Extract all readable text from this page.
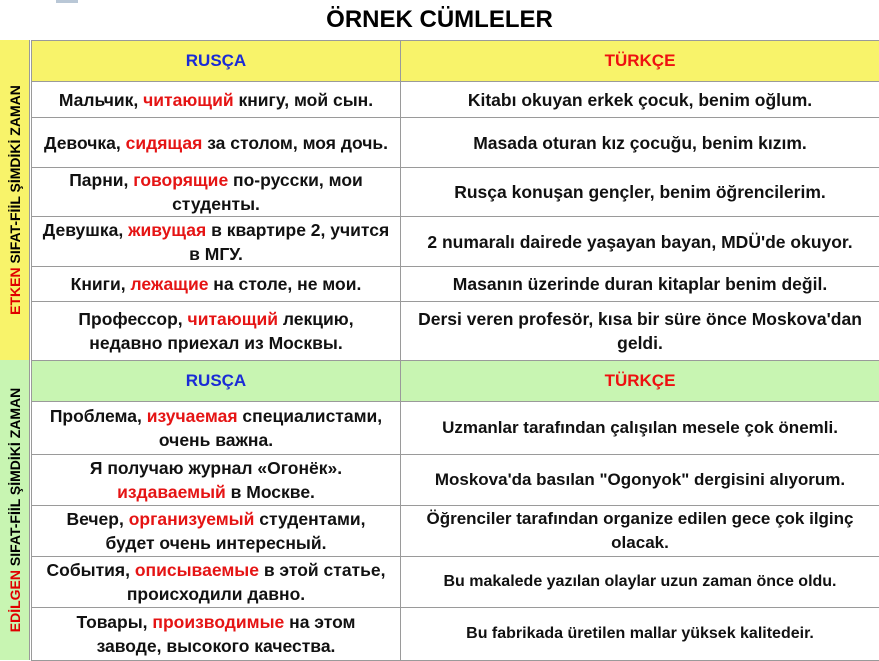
ÖRNEK CÜMLELER
ETKEN SIFAT-FİİL ŞİMDİKİ ZAMAN
RUSÇA	TÜRKÇE
Мальчик, читающий книгу, мой сын.	Kitabı okuyan erkek çocuk, benim oğlum.
Девочка, сидящая за столом, моя дочь.	Masada oturan kız çocuğu, benim kızım.
Парни, говорящие по-русски, мои студенты.	Rusça konuşan gençler, benim öğrencilerim.
Девушка, живущая в квартире 2, учится в МГУ.	2 numaralı dairede yaşayan bayan, MDÜ'de okuyor.
Книги, лежащие на столе, не мои.	Masanın üzerinde duran kitaplar benim değil.
Профессор, читающий лекцию, недавно приехал из Москвы.	Dersi veren profesör, kısa bir süre önce Moskova'dan geldi.
EDİLGEN SIFAT-FİİL ŞİMDİKİ ZAMAN
RUSÇA	TÜRKÇE
Проблема, изучаемая специалистами, очень важна.	Uzmanlar tarafından çalışılan mesele çok önemli.
Я получаю журнал «Огонёк». издаваемый в Москве.	Moskova'da basılan "Ogonyok" dergisini alıyorum.
Вечер, организуемый студентами, будет очень интересный.	Öğrenciler tarafından organize edilen gece çok ilginç olacak.
События, описываемые в этой статье, происходили давно.	Bu makalede yazılan olaylar uzun zaman önce oldu.
Товары, производимые на этом заводе, высокого качества.	Bu fabrikada üretilen mallar yüksek kalitedeir.
